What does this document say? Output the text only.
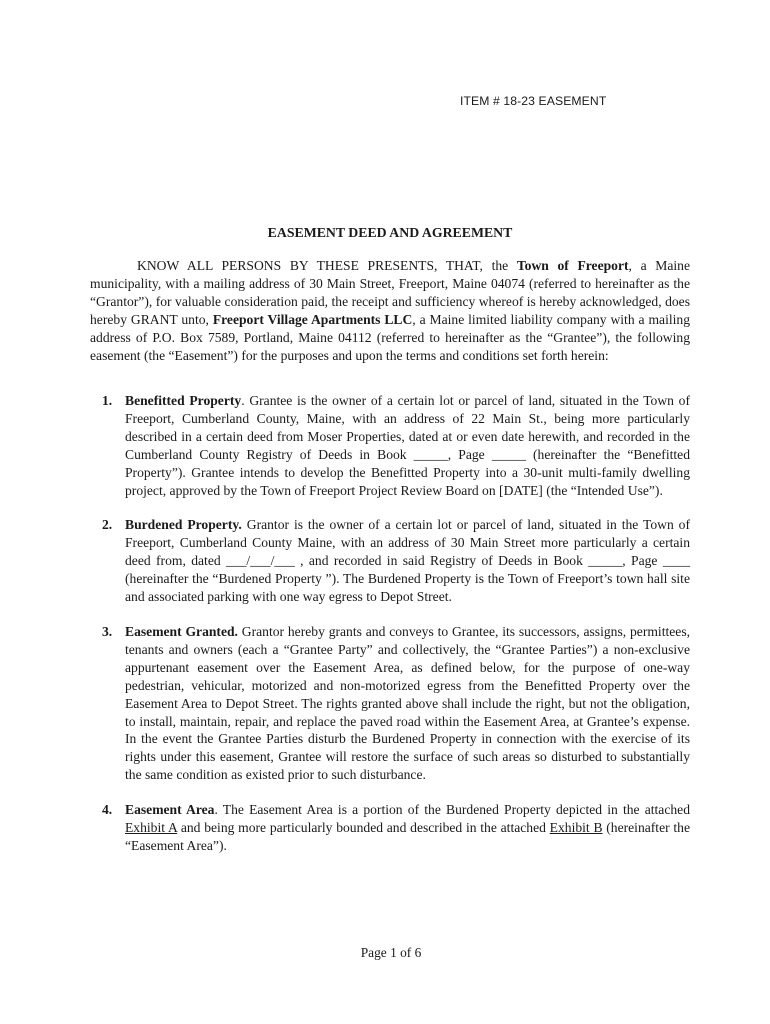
ITEM # 18-23 EASEMENT
EASEMENT DEED AND AGREEMENT

KNOW ALL PERSONS BY THESE PRESENTS, THAT, the Town of Freeport, a Maine municipality, with a mailing address of 30 Main Street, Freeport, Maine 04074 (referred to hereinafter as the “Grantor”), for valuable consideration paid, the receipt and sufficiency whereof is hereby acknowledged, does hereby GRANT unto, Freeport Village Apartments LLC, a Maine limited liability company with a mailing address of P.O. Box 7589, Portland, Maine 04112 (referred to hereinafter as the “Grantee”), the following easement (the “Easement”) for the purposes and upon the terms and conditions set forth herein:

1. Benefitted Property. Grantee is the owner of a certain lot or parcel of land, situated in the Town of Freeport, Cumberland County, Maine, with an address of 22 Main St., being more particularly described in a certain deed from Moser Properties, dated at or even date herewith, and recorded in the Cumberland County Registry of Deeds in Book _____, Page _____ (hereinafter the “Benefitted Property”). Grantee intends to develop the Benefitted Property into a 30-unit multi-family dwelling project, approved by the Town of Freeport Project Review Board on [DATE] (the “Intended Use”).
2. Burdened Property. Grantor is the owner of a certain lot or parcel of land, situated in the Town of Freeport, Cumberland County Maine, with an address of 30 Main Street more particularly a certain deed from, dated ___/___/___ , and recorded in said Registry of Deeds in Book _____, Page ____ (hereinafter the “Burdened Property ”). The Burdened Property is the Town of Freeport’s town hall site and associated parking with one way egress to Depot Street.
3. Easement Granted. Grantor hereby grants and conveys to Grantee, its successors, assigns, permittees, tenants and owners (each a “Grantee Party” and collectively, the “Grantee Parties”) a non-exclusive appurtenant easement over the Easement Area, as defined below, for the purpose of one-way pedestrian, vehicular, motorized and non-motorized egress from the Benefitted Property over the Easement Area to Depot Street. The rights granted above shall include the right, but not the obligation, to install, maintain, repair, and replace the paved road within the Easement Area, at Grantee’s expense. In the event the Grantee Parties disturb the Burdened Property in connection with the exercise of its rights under this easement, Grantee will restore the surface of such areas so disturbed to substantially the same condition as existed prior to such disturbance.
4. Easement Area. The Easement Area is a portion of the Burdened Property depicted in the attached Exhibit A and being more particularly bounded and described in the attached Exhibit B (hereinafter the “Easement Area”).
Page 1 of 6
